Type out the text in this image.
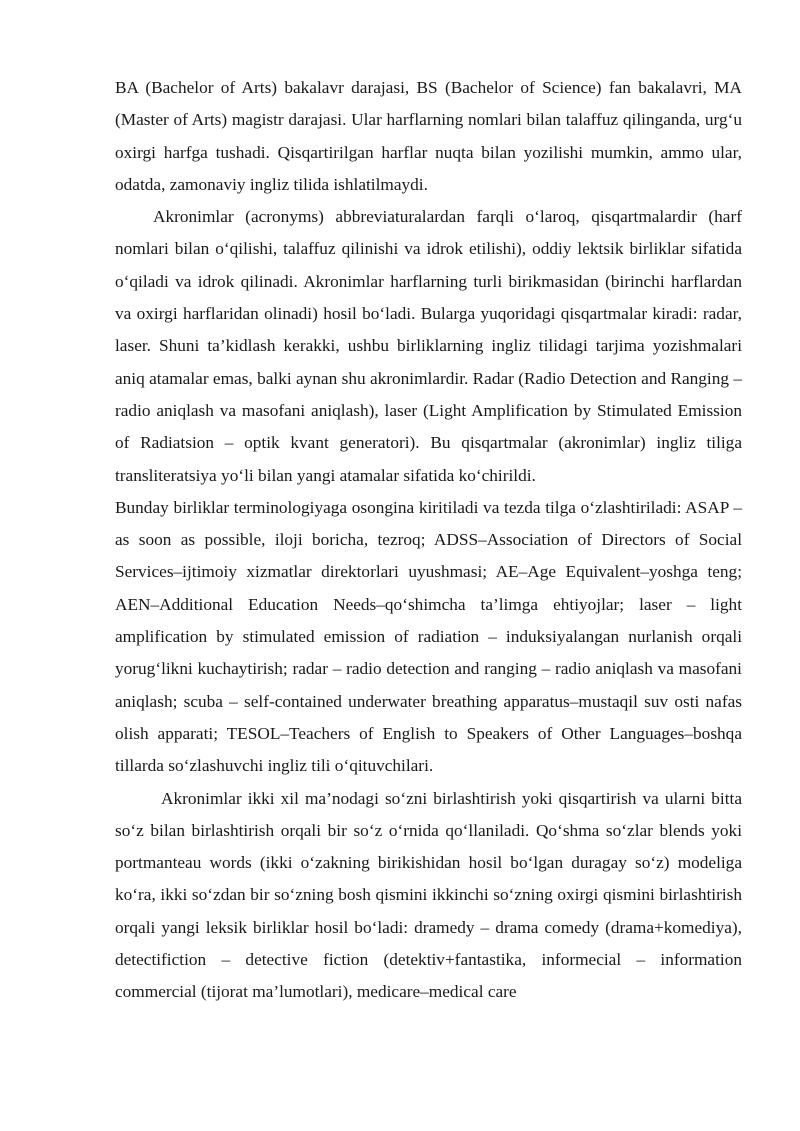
BA (Bachelor of Arts) bakalavr darajasi, BS (Bachelor of Science) fan bakalavri, MA (Master of Arts) magistr darajasi. Ular harflarning nomlari bilan talaffuz qilinganda, urg‘u oxirgi harfga tushadi. Qisqartirilgan harflar nuqta bilan yozilishi mumkin, ammo ular, odatda, zamonaviy ingliz tilida ishlatilmaydi.

Akronimlar (acronyms) abbreviaturalardan farqli o‘laroq, qisqartmalardir (harf nomlari bilan o‘qilishi, talaffuz qilinishi va idrok etilishi), oddiy lektsik birliklar sifatida o‘qiladi va idrok qilinadi. Akronimlar harflarning turli birikmasidan (birinchi harflardan va oxirgi harflaridan olinadi) hosil bo‘ladi. Bularga yuqoridagi qisqartmalar kiradi: radar, laser. Shuni ta’kidlash kerakki, ushbu birliklarning ingliz tilidagi tarjima yozishmalari aniq atamalar emas, balki aynan shu akronimlardir. Radar (Radio Detection and Ranging – radio aniqlash va masofani aniqlash), laser (Light Amplification by Stimulated Emission of Radiatsion – optik kvant generatori). Bu qisqartmalar (akronimlar) ingliz tiliga transliteratsiya yo‘li bilan yangi atamalar sifatida ko‘chirildi.

Bunday birliklar terminologiyaga osongina kiritiladi va tezda tilga o‘zlashtiriladi: ASAP – as soon as possible, iloji boricha, tezroq; ADSS–Association of Directors of Social Services–ijtimoiy xizmatlar direktorlari uyushmasi; AE–Age Equivalent–yoshga teng; AEN–Additional Education Needs–qo‘shimcha ta’limga ehtiyojlar; laser – light amplification by stimulated emission of radiation – induksiyalangan nurlanish orqali yorug‘likni kuchaytirish; radar – radio detection and ranging – radio aniqlash va masofani aniqlash; scuba – self-contained underwater breathing apparatus–mustaqil suv osti nafas olish apparati; TESOL–Teachers of English to Speakers of Other Languages–boshqa tillarda so‘zlashuvchi ingliz tili o‘qituvchilari.

Akronimlar ikki xil ma’nodagi so‘zni birlashtirish yoki qisqartirish va ularni bitta so‘z bilan birlashtirish orqali bir so‘z o‘rnida qo‘llaniladi. Qo‘shma so‘zlar blends yoki portmanteau words (ikki o‘zakning birikishidan hosil bo‘lgan duragay so‘z) modeliga ko‘ra, ikki so‘zdan bir so‘zning bosh qismini ikkinchi so‘zning oxirgi qismini birlashtirish orqali yangi leksik birliklar hosil bo‘ladi: dramedy – drama comedy (drama+komediya), detectifiction – detective fiction (detektiv+fantastika, informecial – information commercial (tijorat ma’lumotlari), medicare–medical care
